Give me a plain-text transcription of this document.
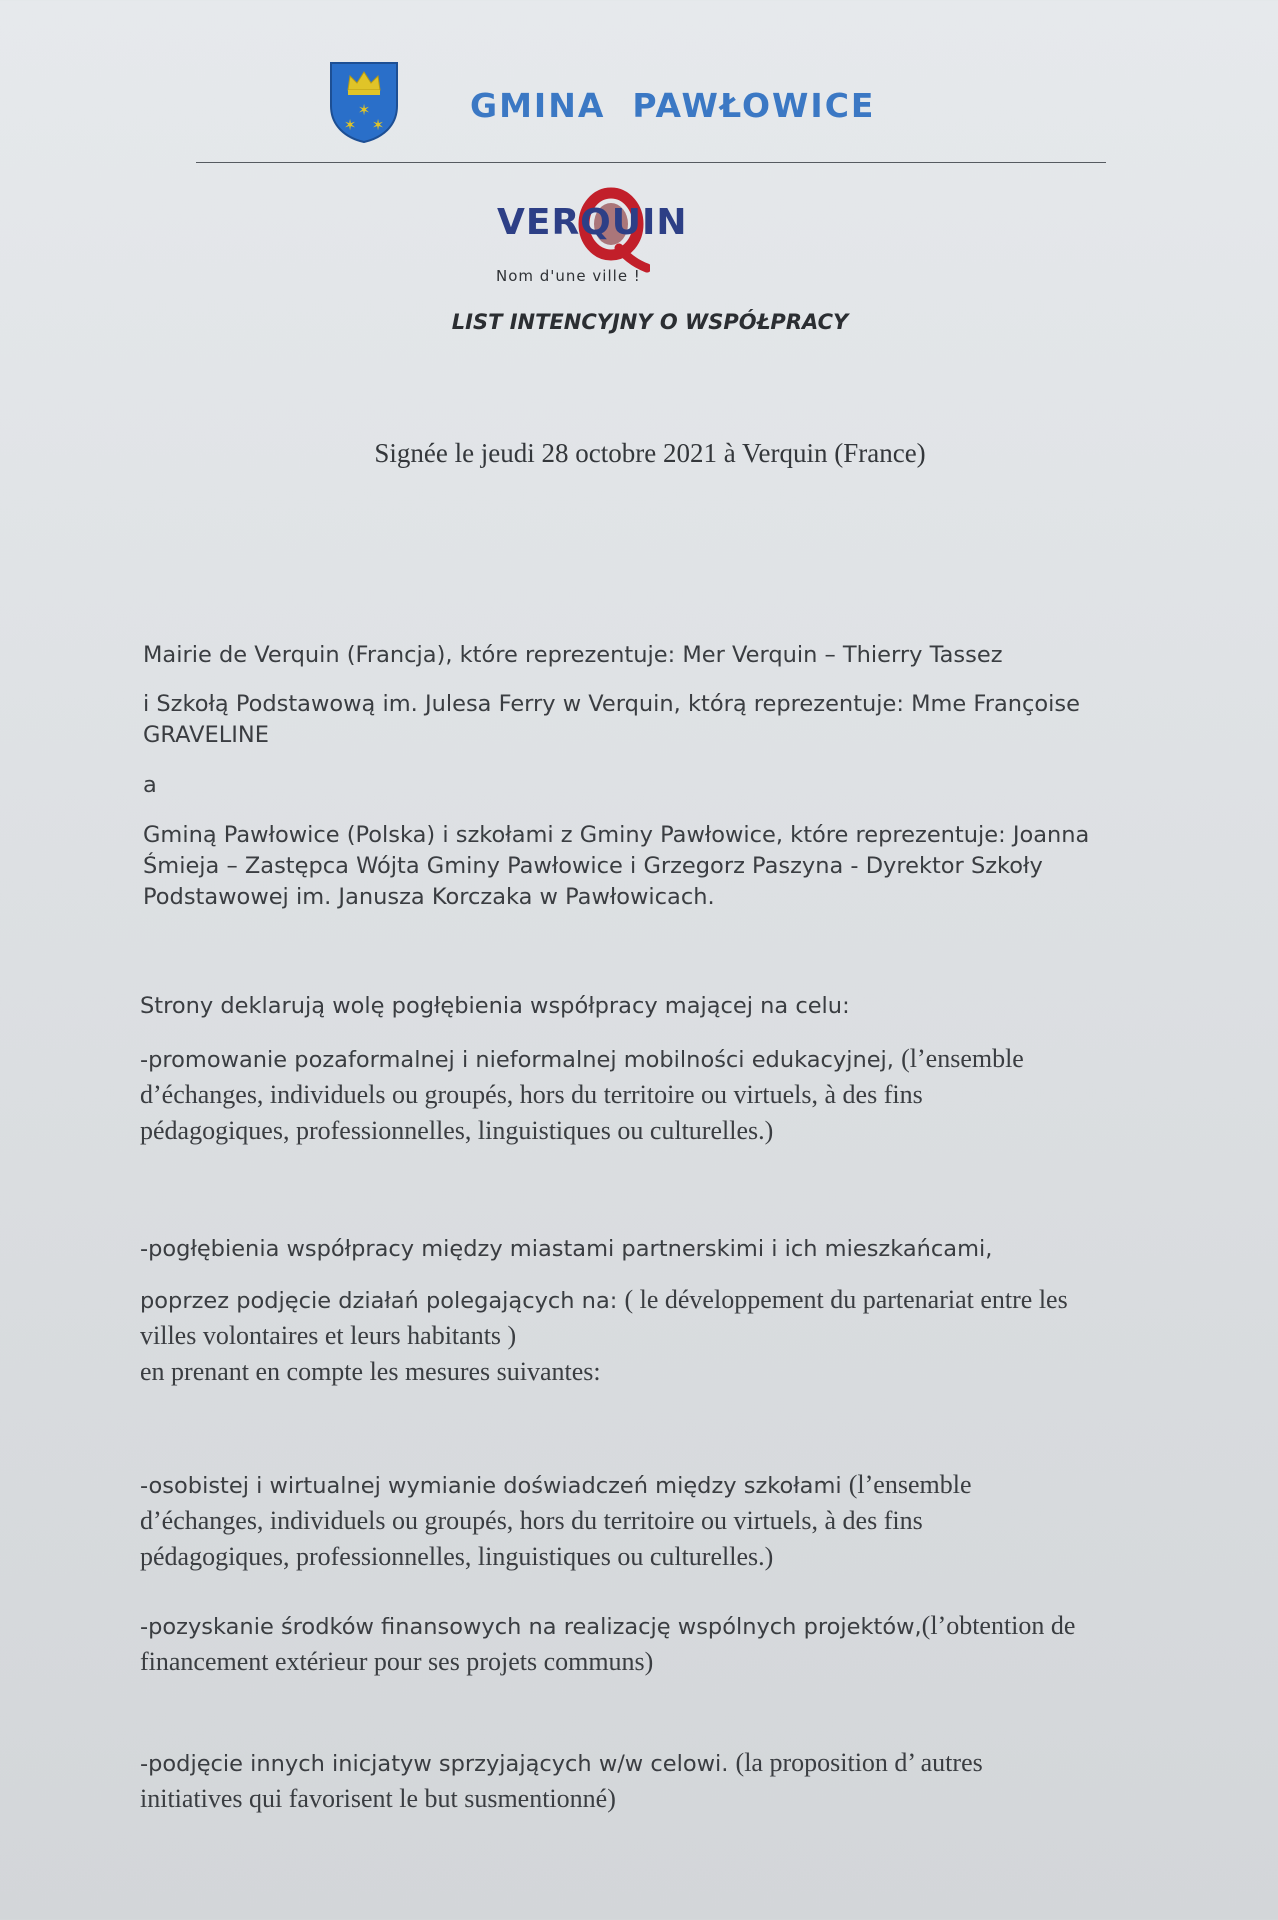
✶
✶ ✶	GMINA  PAWŁOWICE
VERQUIN
Nom d'une ville !
LIST INTENCYJNY O WSPÓŁPRACY
Signée le jeudi 28 octobre 2021 à Verquin (France)
Mairie de Verquin (Francja), które reprezentuje: Mer Verquin – Thierry Tassez
i Szkołą Podstawową im. Julesa Ferry w Verquin, którą reprezentuje: Mme Françoise
GRAVELINE
a
Gminą Pawłowice (Polska) i szkołami z Gminy Pawłowice, które reprezentuje: Joanna
Śmieja – Zastępca Wójta Gminy Pawłowice i Grzegorz Paszyna - Dyrektor Szkoły
Podstawowej im. Janusza Korczaka w Pawłowicach.
Strony deklarują wolę pogłębienia współpracy mającej na celu:
-promowanie pozaformalnej i nieformalnej mobilności edukacyjnej, (l’ensemble
d’échanges, individuels ou groupés, hors du territoire ou virtuels, à des fins
pédagogiques, professionnelles, linguistiques ou culturelles.)
-pogłębienia współpracy między miastami partnerskimi i ich mieszkańcami,
poprzez podjęcie działań polegających na: ( le développement du partenariat entre les
villes volontaires et leurs habitants )
en prenant en compte les mesures suivantes:
-osobistej i wirtualnej wymianie doświadczeń między szkołami (l’ensemble
d’échanges, individuels ou groupés, hors du territoire ou virtuels, à des fins
pédagogiques, professionnelles, linguistiques ou culturelles.)
-pozyskanie środków finansowych na realizację wspólnych projektów,(l’obtention de
financement extérieur pour ses projets communs)
-podjęcie innych inicjatyw sprzyjających w/w celowi. (la proposition d’ autres
initiatives qui favorisent le but susmentionné)
